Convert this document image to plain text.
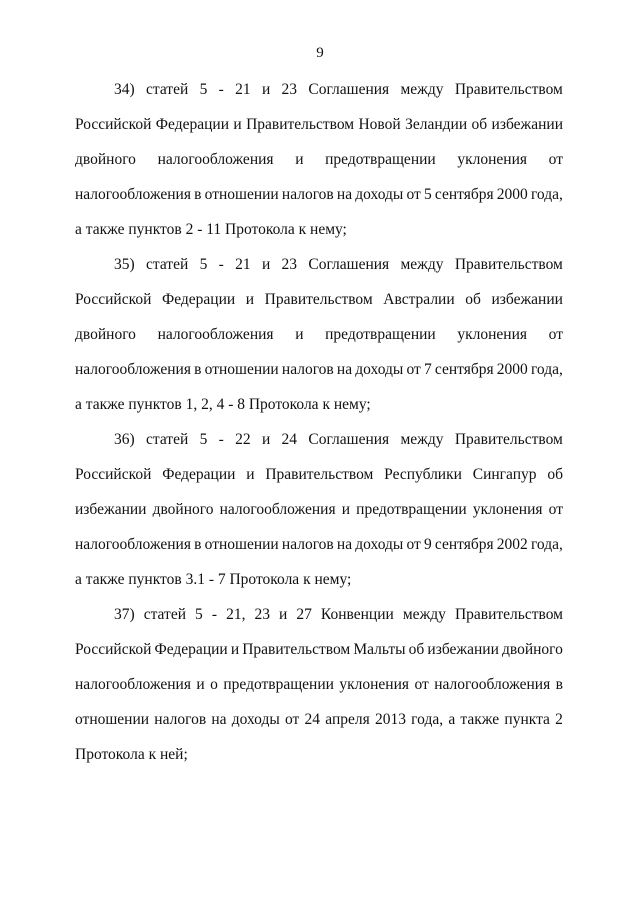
9
34) статей 5 - 21 и 23 Соглашения между Правительством
Российской Федерации и Правительством Новой Зеландии об избежании
двойного налогообложения и предотвращении уклонения от
налогообложения в отношении налогов на доходы от 5 сентября 2000 года,
а также пунктов 2 - 11 Протокола к нему;
35) статей 5 - 21 и 23 Соглашения между Правительством
Российской Федерации и Правительством Австралии об избежании
двойного налогообложения и предотвращении уклонения от
налогообложения в отношении налогов на доходы от 7 сентября 2000 года,
а также пунктов 1, 2, 4 - 8 Протокола к нему;
36) статей 5 - 22 и 24 Соглашения между Правительством
Российской Федерации и Правительством Республики Сингапур об
избежании двойного налогообложения и предотвращении уклонения от
налогообложения в отношении налогов на доходы от 9 сентября 2002 года,
а также пунктов 3.1 - 7 Протокола к нему;
37) статей 5 - 21, 23 и 27 Конвенции между Правительством
Российской Федерации и Правительством Мальты об избежании двойного
налогообложения и о предотвращении уклонения от налогообложения в
отношении налогов на доходы от 24 апреля 2013 года, а также пункта 2
Протокола к ней;
